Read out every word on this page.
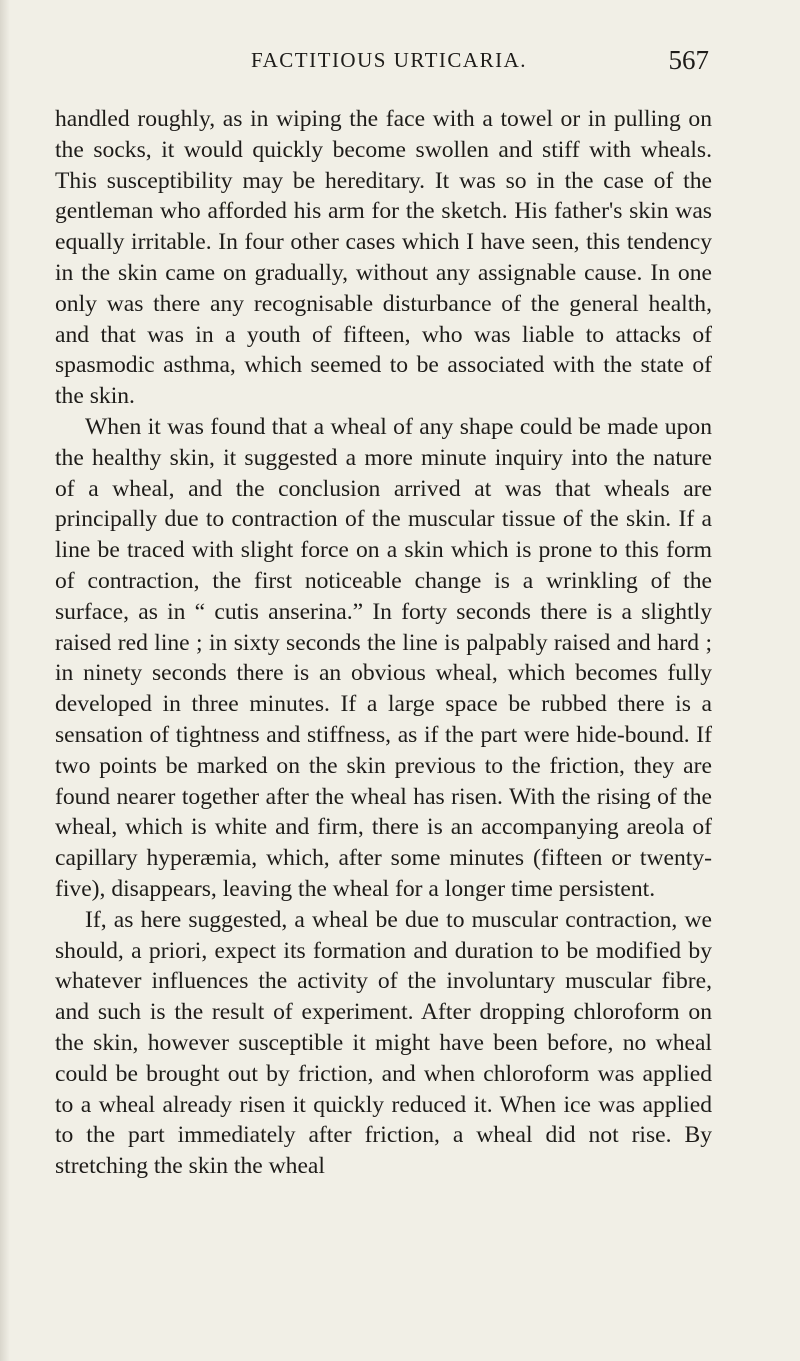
FACTITIOUS URTICARIA.	567

handled roughly, as in wiping the face with a towel or in pulling on the socks, it would quickly become swollen and stiff with wheals. This susceptibility may be hereditary. It was so in the case of the gentleman who afforded his arm for the sketch. His father's skin was equally irritable. In four other cases which I have seen, this tendency in the skin came on gradually, without any assignable cause. In one only was there any recognisable disturbance of the general health, and that was in a youth of fifteen, who was liable to attacks of spasmodic asthma, which seemed to be associated with the state of the skin.

When it was found that a wheal of any shape could be made upon the healthy skin, it suggested a more minute inquiry into the nature of a wheal, and the conclusion arrived at was that wheals are principally due to contraction of the muscular tissue of the skin. If a line be traced with slight force on a skin which is prone to this form of contraction, the first noticeable change is a wrinkling of the surface, as in “ cutis anserina.” In forty seconds there is a slightly raised red line ; in sixty seconds the line is palpably raised and hard ; in ninety seconds there is an obvious wheal, which becomes fully developed in three minutes. If a large space be rubbed there is a sensation of tightness and stiffness, as if the part were hide-bound. If two points be marked on the skin previous to the friction, they are found nearer together after the wheal has risen. With the rising of the wheal, which is white and firm, there is an accompanying areola of capillary hyperæmia, which, after some minutes (fifteen or twenty-five), disappears, leaving the wheal for a longer time persistent.

If, as here suggested, a wheal be due to muscular contraction, we should, a priori, expect its formation and duration to be modified by whatever influences the activity of the involuntary muscular fibre, and such is the result of experiment. After dropping chloroform on the skin, however susceptible it might have been before, no wheal could be brought out by friction, and when chloroform was applied to a wheal already risen it quickly reduced it. When ice was applied to the part immediately after friction, a wheal did not rise. By stretching the skin the wheal
